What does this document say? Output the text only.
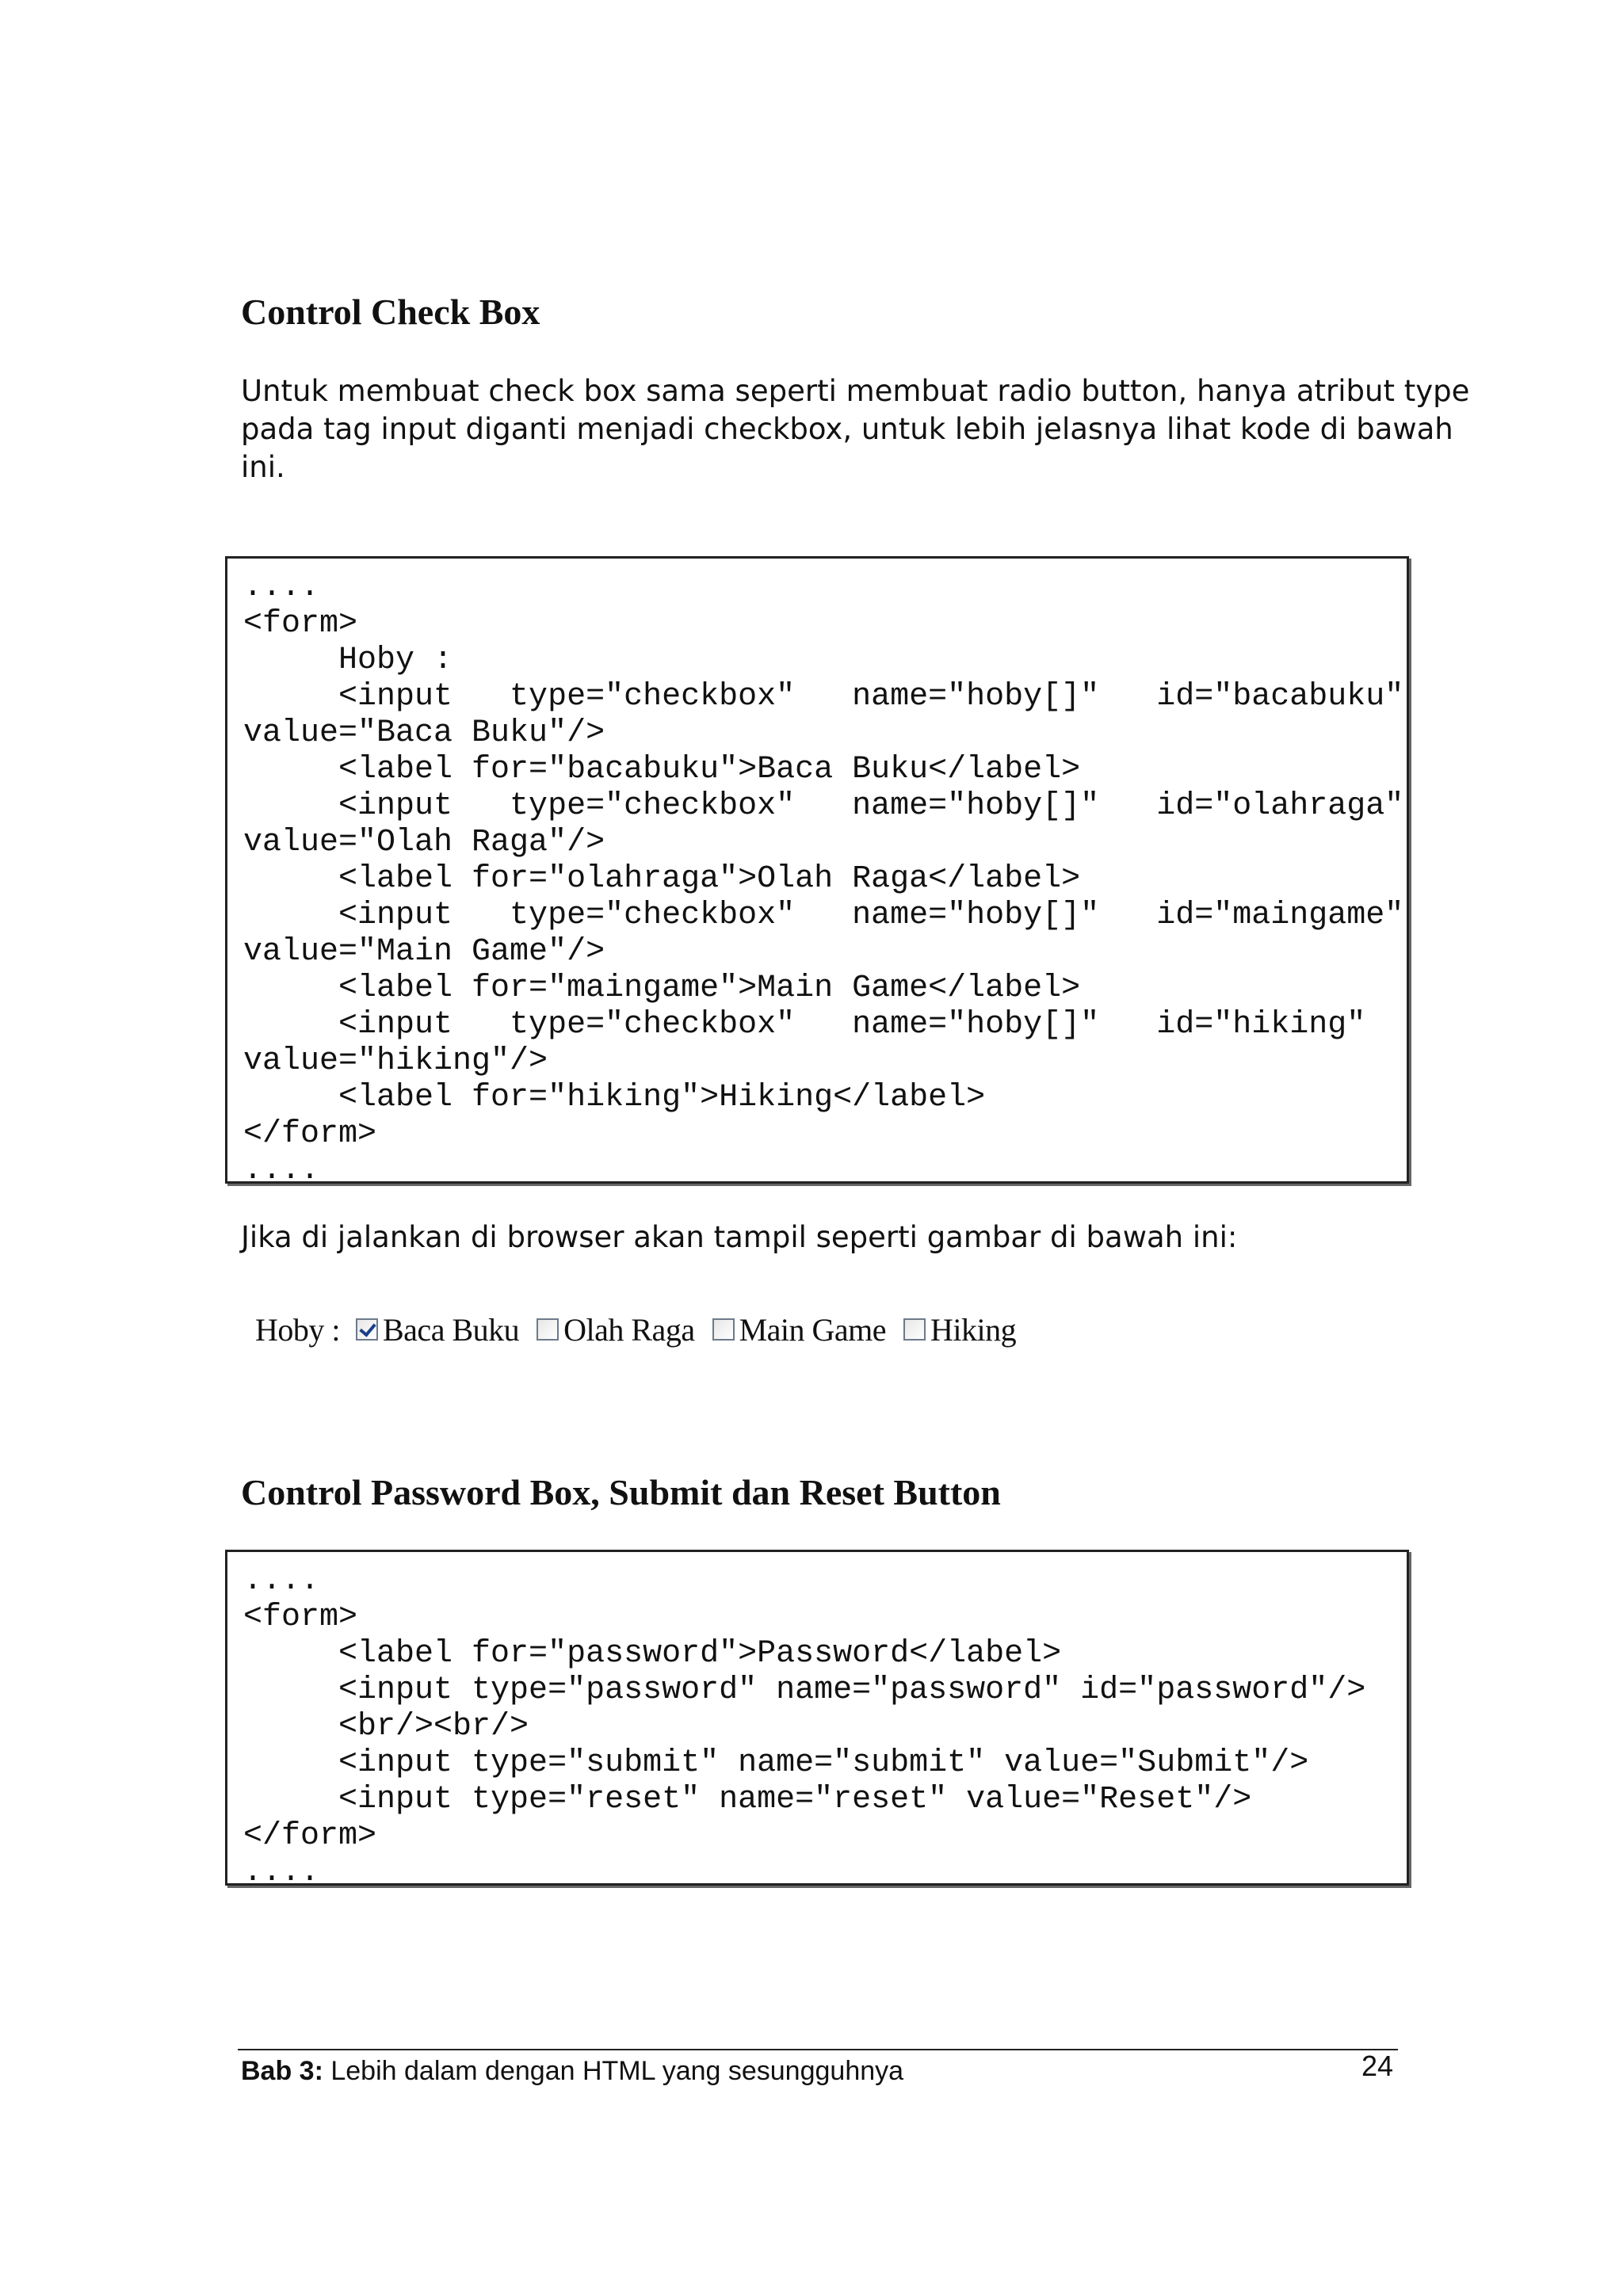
Control Check Box

Untuk membuat check box sama seperti membuat radio button, hanya atribut type
pada tag input diganti menjadi checkbox, untuk lebih jelasnya lihat kode di bawah
ini.

....
<form>
Hoby :
<input   type="checkbox"   name="hoby[]"   id="bacabuku"
value="Baca Buku"/>
<label for="bacabuku">Baca Buku</label>
<input   type="checkbox"   name="hoby[]"   id="olahraga"
value="Olah Raga"/>
<label for="olahraga">Olah Raga</label>
<input   type="checkbox"   name="hoby[]"   id="maingame"
value="Main Game"/>
<label for="maingame">Main Game</label>
<input   type="checkbox"   name="hoby[]"   id="hiking"
value="hiking"/>
<label for="hiking">Hiking</label>
</form>
....

Jika di jalankan di browser akan tampil seperti gambar di bawah ini:

Hoby : Baca Buku Olah Raga Main Game Hiking
Control Password Box, Submit dan Reset Button
....
<form>
<label for="password">Password</label>
<input type="password" name="password" id="password"/>
<br/><br/>
<input type="submit" name="submit" value="Submit"/>
<input type="reset" name="reset" value="Reset"/>
</form>
....
Bab 3: Lebih dalam dengan HTML yang sesungguhnya	24
